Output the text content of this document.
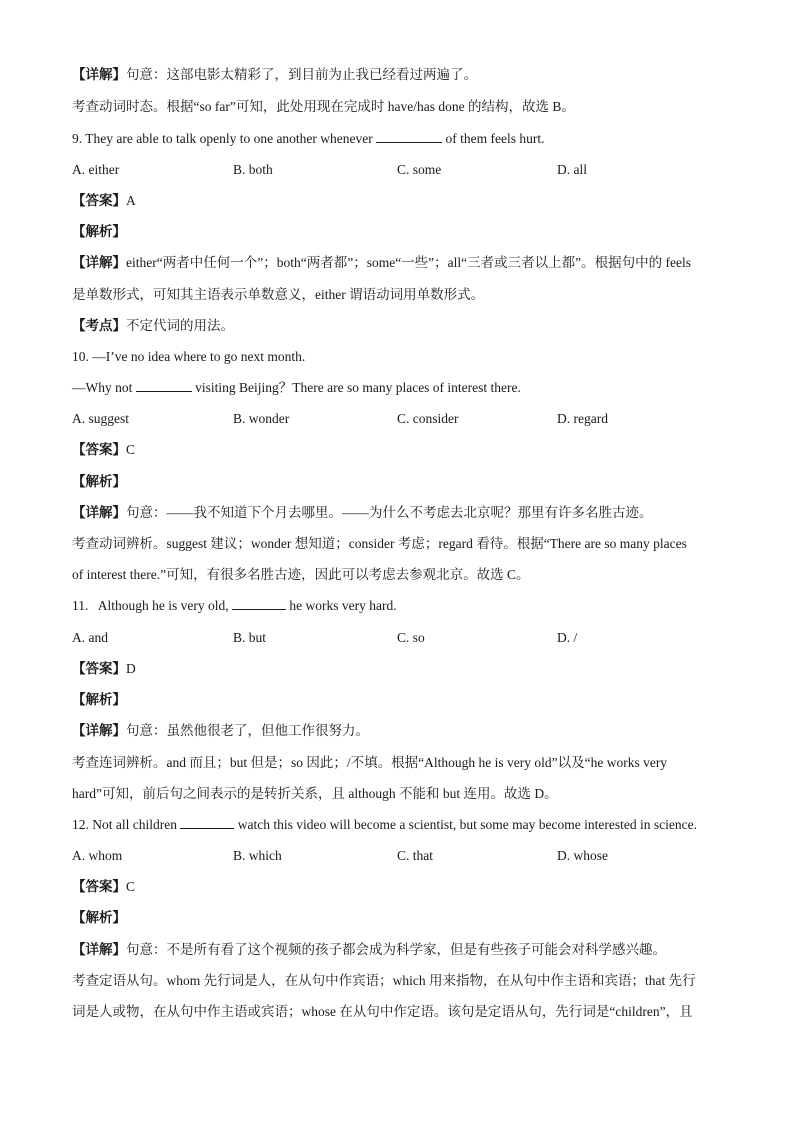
【详解】句意：这部电影太精彩了，到目前为止我已经看过两遍了。
考查动词时态。根据“so far”可知，此处用现在完成时 have/has done 的结构，故选 B。
9. They are able to talk openly to one another whenever	of them feels hurt.
A. either	B. both	C. some	D. all
【答案】A
【解析】
【详解】either“两者中任何一个”；both“两者都”；some“一些”；all“三者或三者以上都”。根据句中的 feels
是单数形式，可知其主语表示单数意义，either 谓语动词用单数形式。
【考点】不定代词的用法。
10. —I’ve no idea where to go next month.
—Why not	visiting Beijing？There are so many places of interest there.
A. suggest	B. wonder	C. consider	D. regard
【答案】C
【解析】
【详解】句意：——我不知道下个月去哪里。——为什么不考虑去北京呢？那里有许多名胜古迹。
考查动词辨析。suggest 建议；wonder 想知道；consider 考虑；regard 看待。根据“There are so many places
of interest there.”可知，有很多名胜古迹，因此可以考虑去参观北京。故选 C。
11.   Although he is very old,	he works very hard.
A. and	B. but	C. so	D. /
【答案】D
【解析】
【详解】句意：虽然他很老了，但他工作很努力。
考查连词辨析。and 而且；but 但是；so 因此；/不填。根据“Although he is very old”以及“he works very
hard”可知，前后句之间表示的是转折关系，且 although 不能和 but 连用。故选 D。
12. Not all children	watch this video will become a scientist, but some may become interested in science.
A. whom	B. which	C. that	D. whose
【答案】C
【解析】
【详解】句意：不是所有看了这个视频的孩子都会成为科学家，但是有些孩子可能会对科学感兴趣。
考查定语从句。whom 先行词是人，在从句中作宾语；which 用来指物，在从句中作主语和宾语；that 先行
词是人或物，在从句中作主语或宾语；whose 在从句中作定语。该句是定语从句，先行词是“children”，且
